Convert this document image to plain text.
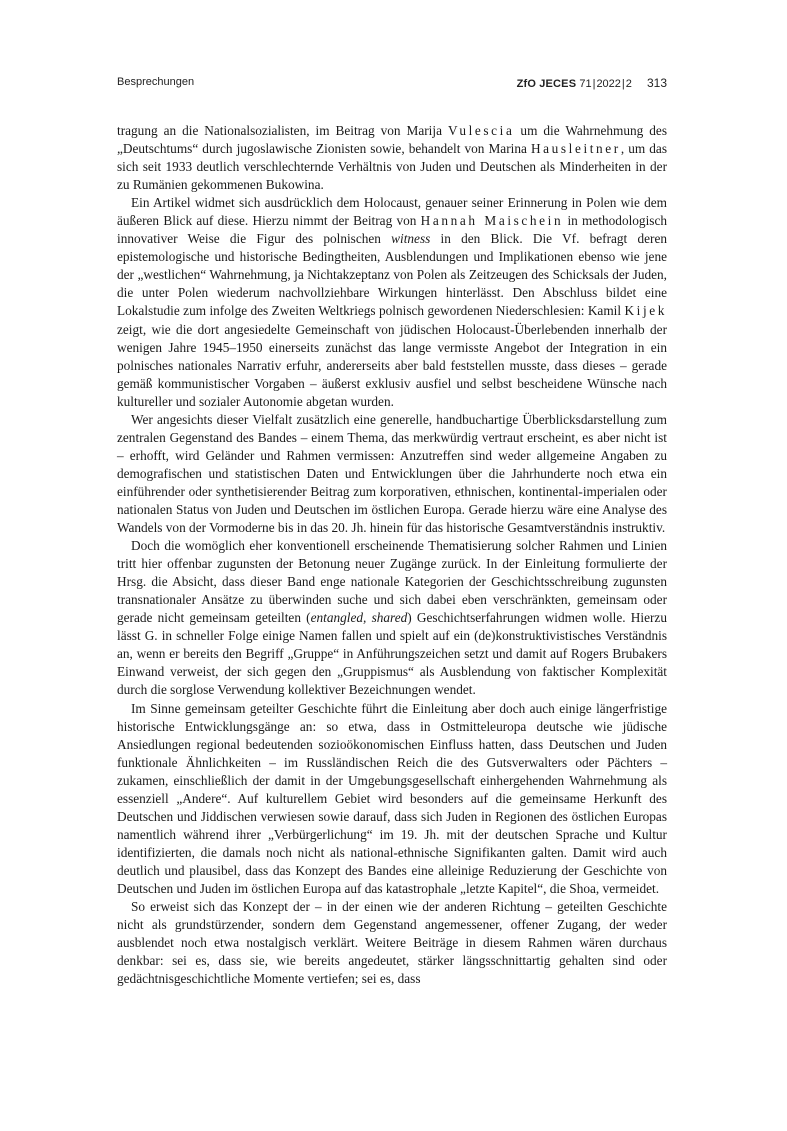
Besprechungen	ZfO JECES 71|2022|2 313

tragung an die Nationalsozialisten, im Beitrag von Marija Vulescia um die Wahrnehmung des „Deutschtums“ durch jugoslawische Zionisten sowie, behandelt von Marina Hausleitner, um das sich seit 1933 deutlich verschlechternde Verhältnis von Juden und Deutschen als Minderheiten in der zu Rumänien gekommenen Bukowina.

Ein Artikel widmet sich ausdrücklich dem Holocaust, genauer seiner Erinnerung in Polen wie dem äußeren Blick auf diese. Hierzu nimmt der Beitrag von Hannah Maischein in methodologisch innovativer Weise die Figur des polnischen witness in den Blick. Die Vf. befragt deren epistemologische und historische Bedingtheiten, Ausblendungen und Implikationen ebenso wie jene der „westlichen“ Wahrnehmung, ja Nichtakzeptanz von Polen als Zeitzeugen des Schicksals der Juden, die unter Polen wiederum nachvollziehbare Wirkungen hinterlässt. Den Abschluss bildet eine Lokalstudie zum infolge des Zweiten Weltkriegs polnisch gewordenen Niederschlesien: Kamil Kijek zeigt, wie die dort angesiedelte Gemeinschaft von jüdischen Holocaust-Überlebenden innerhalb der wenigen Jahre 1945–1950 einerseits zunächst das lange vermisste Angebot der Integration in ein polnisches nationales Narrativ erfuhr, andererseits aber bald feststellen musste, dass dieses – gerade gemäß kommunistischer Vorgaben – äußerst exklusiv ausfiel und selbst bescheidene Wünsche nach kultureller und sozialer Autonomie abgetan wurden.

Wer angesichts dieser Vielfalt zusätzlich eine generelle, handbuchartige Überblicksdarstellung zum zentralen Gegenstand des Bandes – einem Thema, das merkwürdig vertraut erscheint, es aber nicht ist – erhofft, wird Geländer und Rahmen vermissen: Anzutreffen sind weder allgemeine Angaben zu demografischen und statistischen Daten und Entwicklungen über die Jahrhunderte noch etwa ein einführender oder synthetisierender Beitrag zum korporativen, ethnischen, kontinental-imperialen oder nationalen Status von Juden und Deutschen im östlichen Europa. Gerade hierzu wäre eine Analyse des Wandels von der Vormoderne bis in das 20. Jh. hinein für das historische Gesamtverständnis instruktiv.

Doch die womöglich eher konventionell erscheinende Thematisierung solcher Rahmen und Linien tritt hier offenbar zugunsten der Betonung neuer Zugänge zurück. In der Einleitung formulierte der Hrsg. die Absicht, dass dieser Band enge nationale Kategorien der Geschichtsschreibung zugunsten transnationaler Ansätze zu überwinden suche und sich dabei eben verschränkten, gemeinsam oder gerade nicht gemeinsam geteilten (entangled, shared) Geschichtserfahrungen widmen wolle. Hierzu lässt G. in schneller Folge einige Namen fallen und spielt auf ein (de)konstruktivistisches Verständnis an, wenn er bereits den Begriff „Gruppe“ in Anführungszeichen setzt und damit auf Rogers Brubakers Einwand verweist, der sich gegen den „Gruppismus“ als Ausblendung von faktischer Komplexität durch die sorglose Verwendung kollektiver Bezeichnungen wendet.

Im Sinne gemeinsam geteilter Geschichte führt die Einleitung aber doch auch einige längerfristige historische Entwicklungsgänge an: so etwa, dass in Ostmitteleuropa deutsche wie jüdische Ansiedlungen regional bedeutenden sozioökonomischen Einfluss hatten, dass Deutschen und Juden funktionale Ähnlichkeiten – im Russländischen Reich die des Gutsverwalters oder Pächters – zukamen, einschließlich der damit in der Umgebungsgesellschaft einhergehenden Wahrnehmung als essenziell „Andere“. Auf kulturellem Gebiet wird besonders auf die gemeinsame Herkunft des Deutschen und Jiddischen verwiesen sowie darauf, dass sich Juden in Regionen des östlichen Europas namentlich während ihrer „Verbürgerlichung“ im 19. Jh. mit der deutschen Sprache und Kultur identifizierten, die damals noch nicht als national-ethnische Signifikanten galten. Damit wird auch deutlich und plausibel, dass das Konzept des Bandes eine alleinige Reduzierung der Geschichte von Deutschen und Juden im östlichen Europa auf das katastrophale „letzte Kapitel“, die Shoa, vermeidet.

So erweist sich das Konzept der – in der einen wie der anderen Richtung – geteilten Geschichte nicht als grundstürzender, sondern dem Gegenstand angemessener, offener Zugang, der weder ausblendet noch etwa nostalgisch verklärt. Weitere Beiträge in diesem Rahmen wären durchaus denkbar: sei es, dass sie, wie bereits angedeutet, stärker längsschnittartig gehalten sind oder gedächtnisgeschichtliche Momente vertiefen; sei es, dass
